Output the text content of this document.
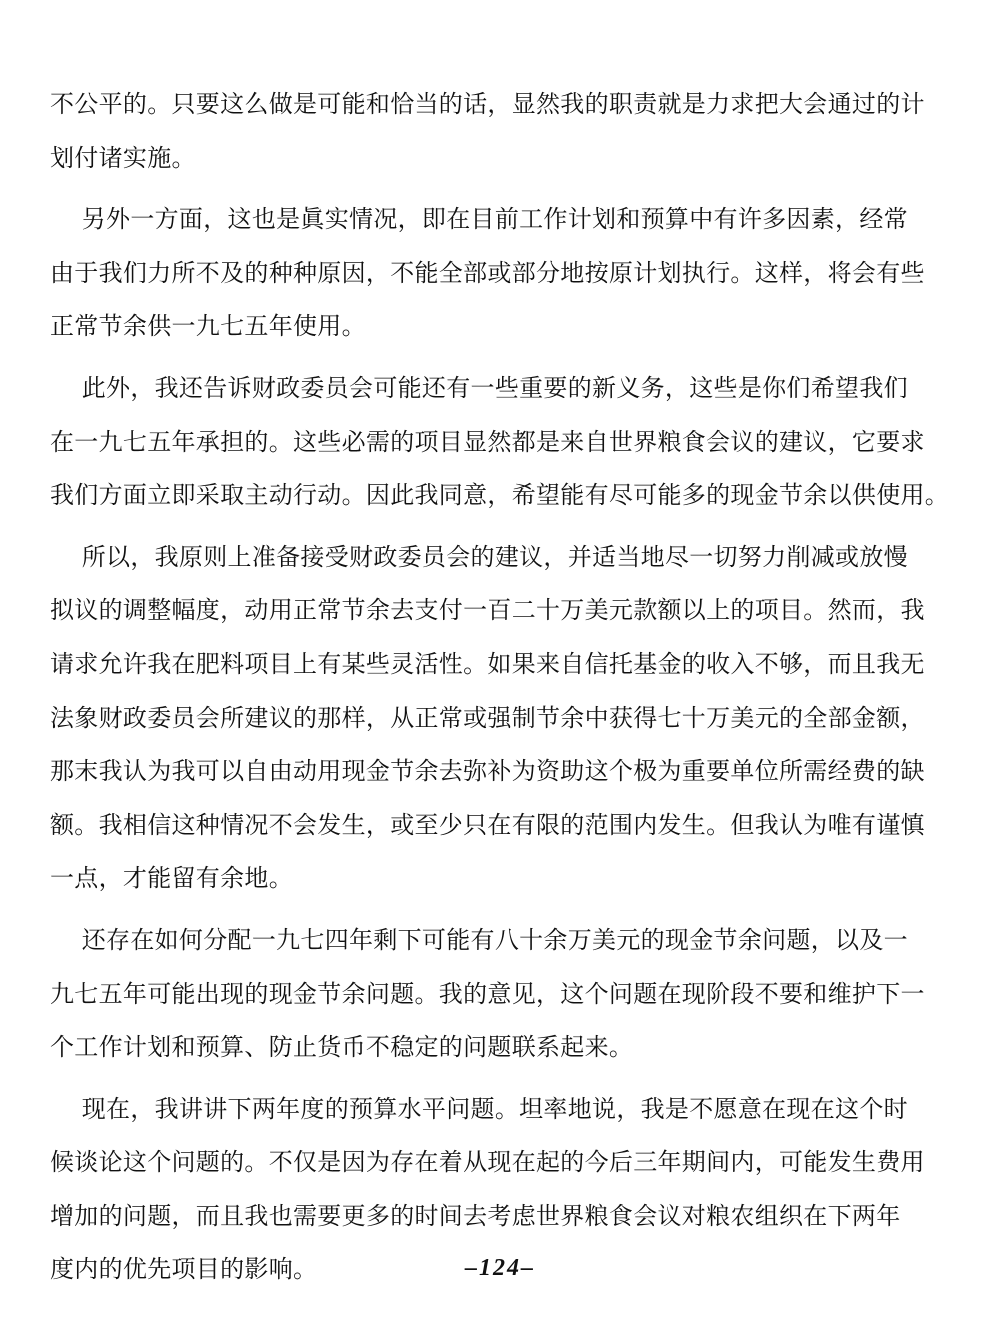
不公平的。只要这么做是可能和恰当的话，显然我的职责就是力求把大会通过的计
划付诸实施。
另外一方面，这也是眞实情况，即在目前工作计划和预算中有许多因素，经常
由于我们力所不及的种种原因，不能全部或部分地按原计划执行。这样，将会有些
正常节余供一九七五年使用。
此外，我还告诉财政委员会可能还有一些重要的新义务，这些是你们希望我们
在一九七五年承担的。这些必需的项目显然都是来自世界粮食会议的建议，它要求
我们方面立即采取主动行动。因此我同意，希望能有尽可能多的现金节余以供使用。
所以，我原则上准备接受财政委员会的建议，并适当地尽一切努力削减或放慢
拟议的调整幅度，动用正常节余去支付一百二十万美元款额以上的项目。然而，我
请求允许我在肥料项目上有某些灵活性。如果来自信托基金的收入不够，而且我无
法象财政委员会所建议的那样，从正常或强制节余中获得七十万美元的全部金额，
那末我认为我可以自由动用现金节余去弥补为资助这个极为重要单位所需经费的缺
额。我相信这种情况不会发生，或至少只在有限的范围内发生。但我认为唯有谨慎
一点，才能留有余地。
还存在如何分配一九七四年剩下可能有八十余万美元的现金节余问题，以及一
九七五年可能出现的现金节余问题。我的意见，这个问题在现阶段不要和维护下一
个工作计划和预算、防止货币不稳定的问题联系起来。
现在，我讲讲下两年度的预算水平问题。坦率地说，我是不愿意在现在这个时
候谈论这个问题的。不仅是因为存在着从现在起的今后三年期间内，可能发生费用
增加的问题，而且我也需要更多的时间去考虑世界粮食会议对粮农组织在下两年
度内的优先项目的影响。	–124–
